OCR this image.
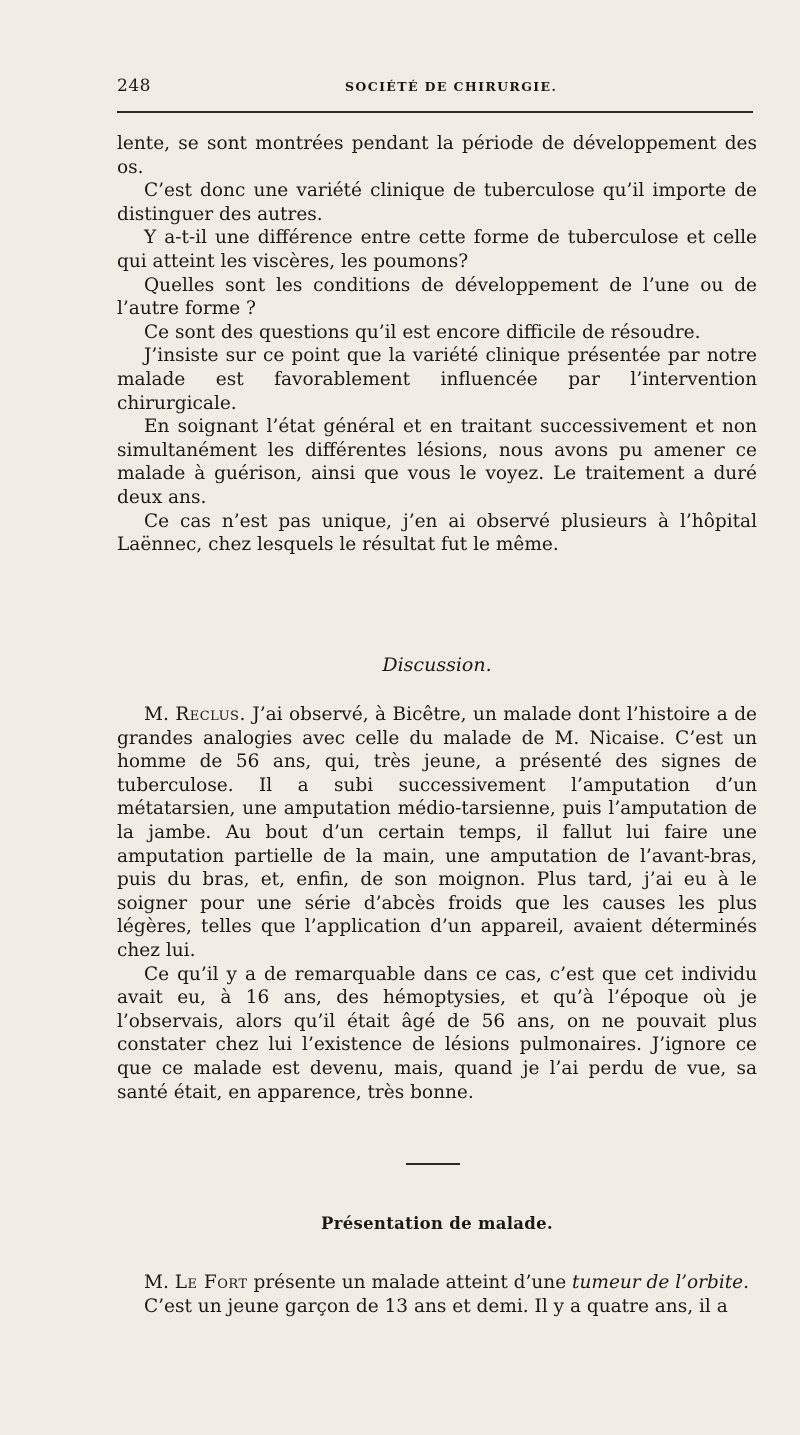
248	SOCIÉTÉ DE CHIRURGIE.

lente, se sont montrées pendant la période de développement des os.

C’est donc une variété clinique de tuberculose qu’il importe de distinguer des autres.

Y a-t-il une différence entre cette forme de tuberculose et celle qui atteint les viscères, les poumons?

Quelles sont les conditions de développement de l’une ou de l’autre forme ?

Ce sont des questions qu’il est encore difficile de résoudre.

J’insiste sur ce point que la variété clinique présentée par notre malade est favorablement influencée par l’intervention chirurgicale.

En soignant l’état général et en traitant successivement et non simultanément les différentes lésions, nous avons pu amener ce malade à guérison, ainsi que vous le voyez. Le traitement a duré deux ans.

Ce cas n’est pas unique, j’en ai observé plusieurs à l’hôpital Laënnec, chez lesquels le résultat fut le même.

Discussion.

M. Reclus. J’ai observé, à Bicêtre, un malade dont l’histoire a de grandes analogies avec celle du malade de M. Nicaise. C’est un homme de 56 ans, qui, très jeune, a présenté des signes de tuberculose. Il a subi successivement l’amputation d’un métatarsien, une amputation médio-tarsienne, puis l’amputation de la jambe. Au bout d’un certain temps, il fallut lui faire une amputation partielle de la main, une amputation de l’avant-bras, puis du bras, et, enfin, de son moignon. Plus tard, j’ai eu à le soigner pour une série d’abcès froids que les causes les plus légères, telles que l’application d’un appareil, avaient déterminés chez lui.

Ce qu’il y a de remarquable dans ce cas, c’est que cet individu avait eu, à 16 ans, des hémoptysies, et qu’à l’époque où je l’observais, alors qu’il était âgé de 56 ans, on ne pouvait plus constater chez lui l’existence de lésions pulmonaires. J’ignore ce que ce malade est devenu, mais, quand je l’ai perdu de vue, sa santé était, en apparence, très bonne.

Présentation de malade.

M. Le Fort présente un malade atteint d’une tumeur de l’orbite.

C’est un jeune garçon de 13 ans et demi. Il y a quatre ans, il a
